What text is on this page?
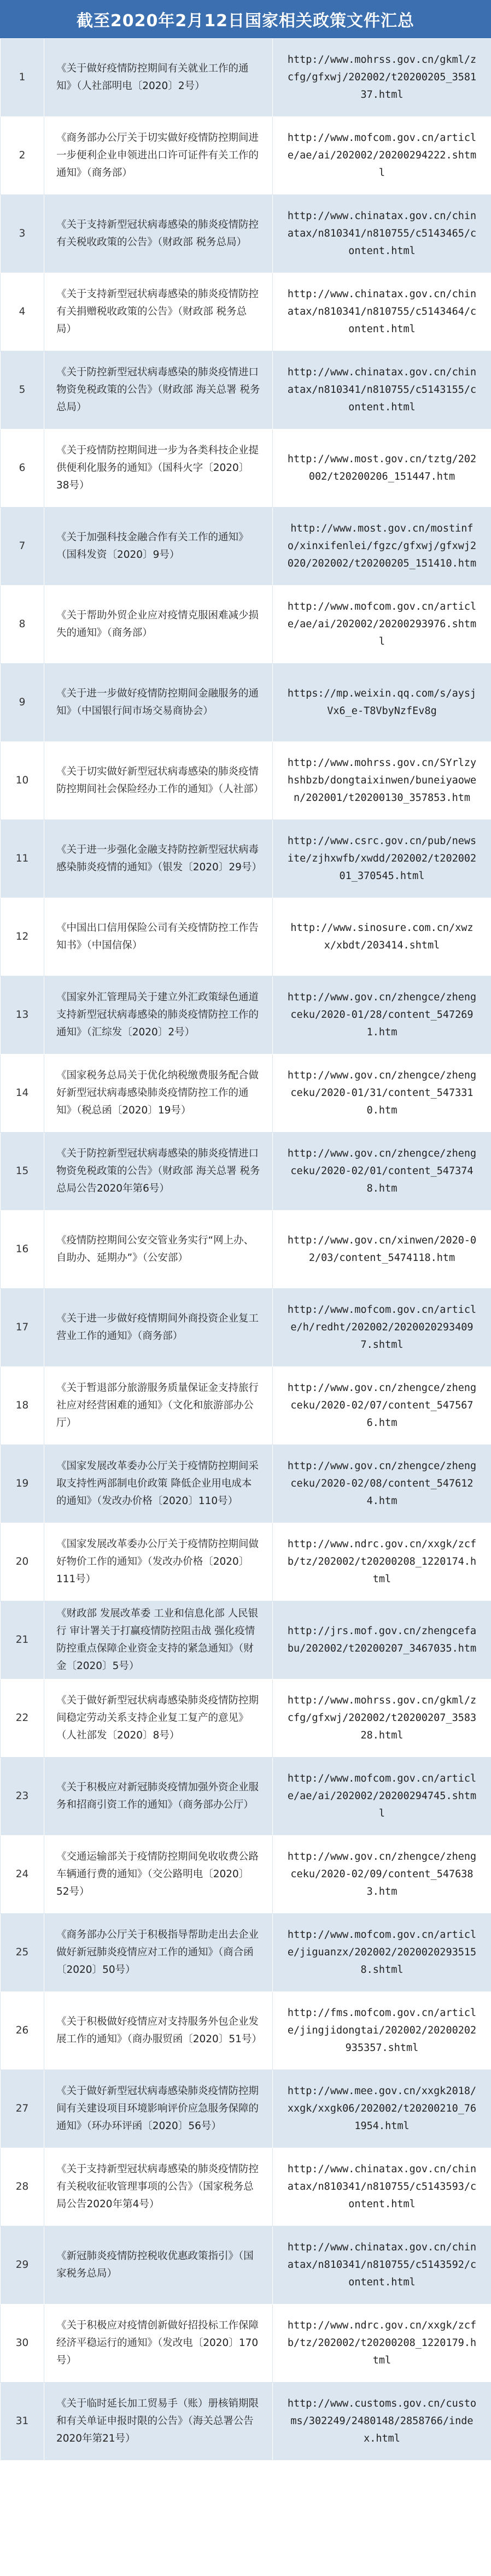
截至2020年2月12日国家相关政策文件汇总
1	《关于做好疫情防控期间有关就业工作的通知》（人社部明电〔2020〕2号）	http://www.mohrss.gov.cn/gkml/zcfg/gfxwj/202002/t20200205_358137.html
2	《商务部办公厅关于切实做好疫情防控期间进一步便利企业申领进出口许可证件有关工作的通知》（商务部）	http://www.mofcom.gov.cn/article/ae/ai/202002/20200294222.shtml
3	《关于支持新型冠状病毒感染的肺炎疫情防控有关税收政策的公告》（财政部 税务总局）	http://www.chinatax.gov.cn/chinatax/n810341/n810755/c5143465/content.html
4	《关于支持新型冠状病毒感染的肺炎疫情防控有关捐赠税收政策的公告》（财政部 税务总局）	http://www.chinatax.gov.cn/chinatax/n810341/n810755/c5143464/content.html
5	《关于防控新型冠状病毒感染的肺炎疫情进口物资免税政策的公告》（财政部 海关总署 税务总局）	http://www.chinatax.gov.cn/chinatax/n810341/n810755/c5143155/content.html
6	《关于疫情防控期间进一步为各类科技企业提供便利化服务的通知》（国科火字〔2020〕38号）	http://www.most.gov.cn/tztg/202002/t20200206_151447.htm
7	《关于加强科技金融合作有关工作的通知》（国科发资〔2020〕9号）	http://www.most.gov.cn/mostinfo/xinxifenlei/fgzc/gfxwj/gfxwj2020/202002/t20200205_151410.htm
8	《关于帮助外贸企业应对疫情克服困难减少损失的通知》（商务部）	http://www.mofcom.gov.cn/article/ae/ai/202002/20200293976.shtml
9	《关于进一步做好疫情防控期间金融服务的通知》（中国银行间市场交易商协会）	https://mp.weixin.qq.com/s/aysjVx6_e-T8VbyNzfEv8g
10	《关于切实做好新型冠状病毒感染的肺炎疫情防控期间社会保险经办工作的通知》（人社部）	http://www.mohrss.gov.cn/SYrlzyhshbzb/dongtaixinwen/buneiyaowen/202001/t20200130_357853.htm
11	《关于进一步强化金融支持防控新型冠状病毒感染肺炎疫情的通知》（银发〔2020〕29号）	http://www.csrc.gov.cn/pub/newsite/zjhxwfb/xwdd/202002/t20200201_370545.html
12	《中国出口信用保险公司有关疫情防控工作告知书》（中国信保）	http://www.sinosure.com.cn/xwzx/xbdt/203414.shtml
13	《国家外汇管理局关于建立外汇政策绿色通道支持新型冠状病毒感染的肺炎疫情防控工作的通知》（汇综发〔2020〕2号）	http://www.gov.cn/zhengce/zhengceku/2020-01/28/content_5472691.htm
14	《国家税务总局关于优化纳税缴费服务配合做好新型冠状病毒感染肺炎疫情防控工作的通知》（税总函〔2020〕19号）	http://www.gov.cn/zhengce/zhengceku/2020-01/31/content_5473310.htm
15	《关于防控新型冠状病毒感染的肺炎疫情进口物资免税政策的公告》（财政部 海关总署 税务总局公告2020年第6号）	http://www.gov.cn/zhengce/zhengceku/2020-02/01/content_5473748.htm
16	《疫情防控期间公安交管业务实行“网上办、自助办、延期办”》（公安部）	http://www.gov.cn/xinwen/2020-02/03/content_5474118.htm
17	《关于进一步做好疫情期间外商投资企业复工营业工作的通知》（商务部）	http://www.mofcom.gov.cn/article/h/redht/202002/20200202934097.shtml
18	《关于暂退部分旅游服务质量保证金支持旅行社应对经营困难的通知》（文化和旅游部办公厅）	http://www.gov.cn/zhengce/zhengceku/2020-02/07/content_5475676.htm
19	《国家发展改革委办公厅关于疫情防控期间采取支持性两部制电价政策 降低企业用电成本的通知》（发改办价格〔2020〕110号）	http://www.gov.cn/zhengce/zhengceku/2020-02/08/content_5476124.htm
20	《国家发展改革委办公厅关于疫情防控期间做好物价工作的通知》（发改办价格〔2020〕111号）	http://www.ndrc.gov.cn/xxgk/zcfb/tz/202002/t20200208_1220174.html
21	《财政部 发展改革委 工业和信息化部 人民银行 审计署关于打赢疫情防控阻击战 强化疫情防控重点保障企业资金支持的紧急通知》（财金〔2020〕5号）	http://jrs.mof.gov.cn/zhengcefabu/202002/t20200207_3467035.htm
22	《关于做好新型冠状病毒感染肺炎疫情防控期间稳定劳动关系支持企业复工复产的意见》（人社部发〔2020〕8号）	http://www.mohrss.gov.cn/gkml/zcfg/gfxwj/202002/t20200207_358328.html
23	《关于积极应对新冠肺炎疫情加强外资企业服务和招商引资工作的通知》（商务部办公厅）	http://www.mofcom.gov.cn/article/ae/ai/202002/20200294745.shtml
24	《交通运输部关于疫情防控期间免收收费公路车辆通行费的通知》（交公路明电〔2020〕52号）	http://www.gov.cn/zhengce/zhengceku/2020-02/09/content_5476383.htm
25	《商务部办公厅关于积极指导帮助走出去企业做好新冠肺炎疫情应对工作的通知》（商合函〔2020〕50号）	http://www.mofcom.gov.cn/article/jiguanzx/202002/20200202935158.shtml
26	《关于积极做好疫情应对支持服务外包企业发展工作的通知》（商办服贸函〔2020〕51号）	http://fms.mofcom.gov.cn/article/jingjidongtai/202002/20200202935357.shtml
27	《关于做好新型冠状病毒感染肺炎疫情防控期间有关建设项目环境影响评价应急服务保障的通知》（环办环评函〔2020〕56号）	http://www.mee.gov.cn/xxgk2018/xxgk/xxgk06/202002/t20200210_761954.html
28	《关于支持新型冠状病毒感染的肺炎疫情防控有关税收征收管理事项的公告》（国家税务总局公告2020年第4号）	http://www.chinatax.gov.cn/chinatax/n810341/n810755/c5143593/content.html
29	《新冠肺炎疫情防控税收优惠政策指引》（国家税务总局）	http://www.chinatax.gov.cn/chinatax/n810341/n810755/c5143592/content.html
30	《关于积极应对疫情创新做好招投标工作保障经济平稳运行的通知》（发改电〔2020〕170号）	http://www.ndrc.gov.cn/xxgk/zcfb/tz/202002/t20200208_1220179.html
31	《关于临时延长加工贸易手（账）册核销期限和有关单证申报时限的公告》（海关总署公告2020年第21号）	http://www.customs.gov.cn/customs/302249/2480148/2858766/index.html
